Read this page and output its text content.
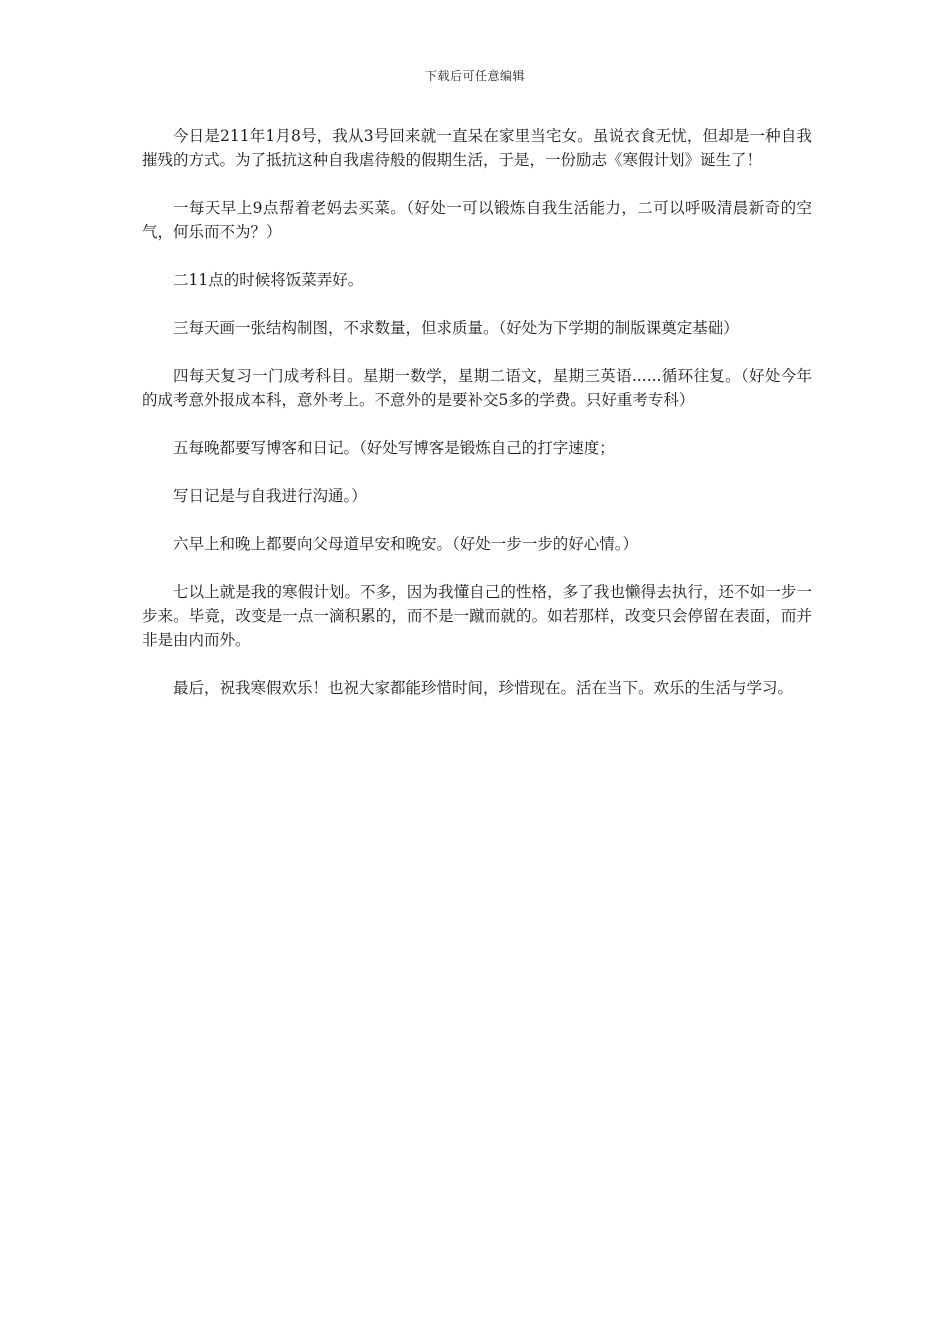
下载后可任意编辑

今日是211年1月8号，我从3号回来就一直呆在家里当宅女。虽说衣食无忧，但却是一种自我摧残的方式。为了抵抗这种自我虐待般的假期生活，于是，一份励志《寒假计划》诞生了！

一每天早上9点帮着老妈去买菜。（好处一可以锻炼自我生活能力，二可以呼吸清晨新奇的空气，何乐而不为？）

二11点的时候将饭菜弄好。

三每天画一张结构制图，不求数量，但求质量。（好处为下学期的制版课奠定基础）

四每天复习一门成考科目。星期一数学，星期二语文，星期三英语......循环往复。（好处今年的成考意外报成本科，意外考上。不意外的是要补交5多的学费。只好重考专科）

五每晚都要写博客和日记。（好处写博客是锻炼自己的打字速度；

写日记是与自我进行沟通。）

六早上和晚上都要向父母道早安和晚安。（好处一步一步的好心情。）

七以上就是我的寒假计划。不多，因为我懂自己的性格，多了我也懒得去执行，还不如一步一步来。毕竟，改变是一点一滴积累的，而不是一蹴而就的。如若那样，改变只会停留在表面，而并非是由内而外。

最后，祝我寒假欢乐！也祝大家都能珍惜时间，珍惜现在。活在当下。欢乐的生活与学习。
